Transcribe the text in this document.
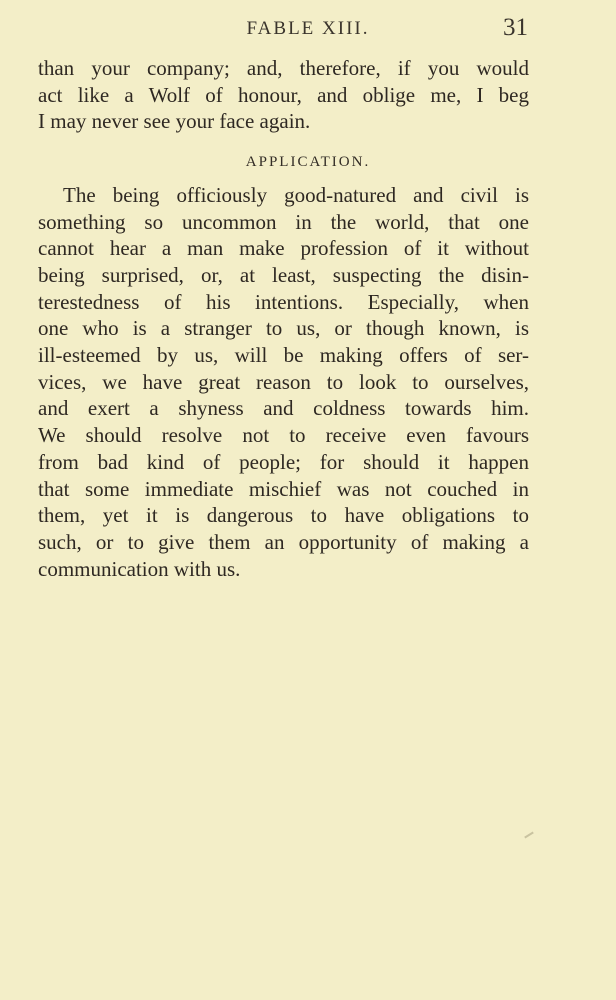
FABLE XIII.	31
than your company; and, therefore, if you would
act like a Wolf of honour, and oblige me, I beg
I may never see your face again.
APPLICATION.
The being officiously good-natured and civil is
something so uncommon in the world, that one
cannot hear a man make profession of it without
being surprised, or, at least, suspecting the disin-
terestedness of his intentions. Especially, when
one who is a stranger to us, or though known, is
ill-esteemed by us, will be making offers of ser-
vices, we have great reason to look to ourselves,
and exert a shyness and coldness towards him.
We should resolve not to receive even favours
from bad kind of people; for should it happen
that some immediate mischief was not couched in
them, yet it is dangerous to have obligations to
such, or to give them an opportunity of making a
communication with us.
